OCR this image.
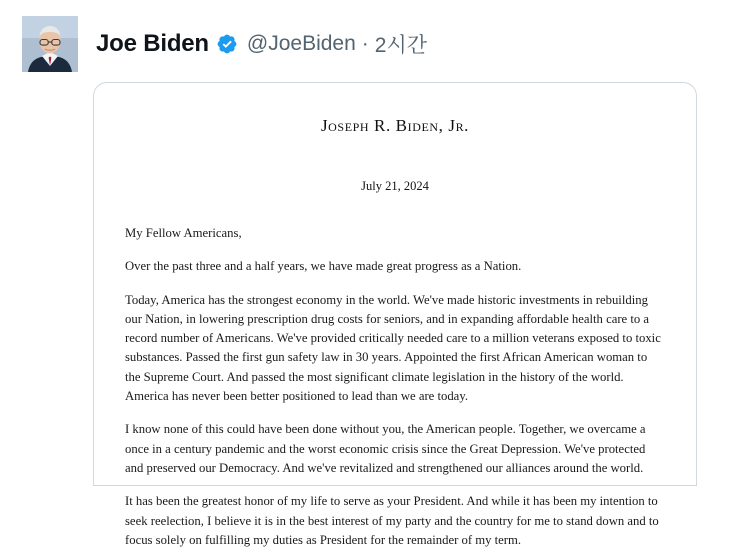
Joe Biden @JoeBiden · 2시간
Joseph R. Biden, Jr.
July 21, 2024

My Fellow Americans,

Over the past three and a half years, we have made great progress as a Nation.

Today, America has the strongest economy in the world. We've made historic investments in rebuilding our Nation, in lowering prescription drug costs for seniors, and in expanding affordable health care to a record number of Americans. We've provided critically needed care to a million veterans exposed to toxic substances. Passed the first gun safety law in 30 years. Appointed the first African American woman to the Supreme Court. And passed the most significant climate legislation in the history of the world. America has never been better positioned to lead than we are today.

I know none of this could have been done without you, the American people. Together, we overcame a once in a century pandemic and the worst economic crisis since the Great Depression. We've protected and preserved our Democracy. And we've revitalized and strengthened our alliances around the world.

It has been the greatest honor of my life to serve as your President. And while it has been my intention to seek reelection, I believe it is in the best interest of my party and the country for me to stand down and to focus solely on fulfilling my duties as President for the remainder of my term.
